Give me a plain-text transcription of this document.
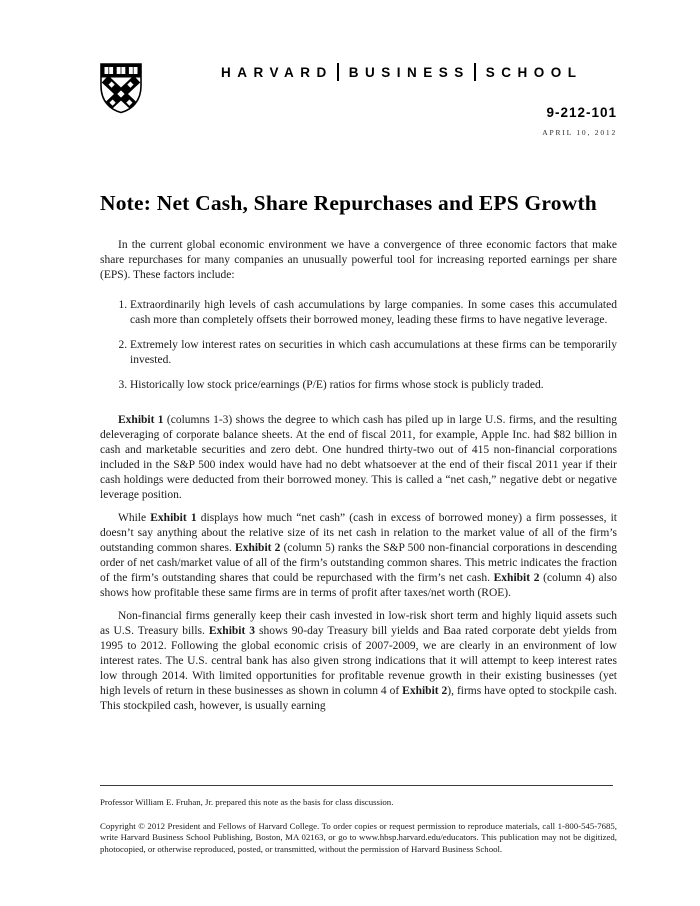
HARVARD BUSINESS SCHOOL
9-212-101
APRIL 10, 2012
Note: Net Cash, Share Repurchases and EPS Growth

In the current global economic environment we have a convergence of three economic factors that make share repurchases for many companies an unusually powerful tool for increasing reported earnings per share (EPS). These factors include:

1. Extraordinarily high levels of cash accumulations by large companies. In some cases this accumulated cash more than completely offsets their borrowed money, leading these firms to have negative leverage.
2. Extremely low interest rates on securities in which cash accumulations at these firms can be temporarily invested.
3. Historically low stock price/earnings (P/E) ratios for firms whose stock is publicly traded.

Exhibit 1 (columns 1-3) shows the degree to which cash has piled up in large U.S. firms, and the resulting deleveraging of corporate balance sheets. At the end of fiscal 2011, for example, Apple Inc. had $82 billion in cash and marketable securities and zero debt. One hundred thirty-two out of 415 non-financial corporations included in the S&P 500 index would have had no debt whatsoever at the end of their fiscal 2011 year if their cash holdings were deducted from their borrowed money. This is called a “net cash,” negative debt or negative leverage position.

While Exhibit 1 displays how much “net cash” (cash in excess of borrowed money) a firm possesses, it doesn’t say anything about the relative size of its net cash in relation to the market value of all of the firm’s outstanding common shares. Exhibit 2 (column 5) ranks the S&P 500 non-financial corporations in descending order of net cash/market value of all of the firm’s outstanding common shares. This metric indicates the fraction of the firm’s outstanding shares that could be repurchased with the firm’s net cash. Exhibit 2 (column 4) also shows how profitable these same firms are in terms of profit after taxes/net worth (ROE).

Non-financial firms generally keep their cash invested in low-risk short term and highly liquid assets such as U.S. Treasury bills. Exhibit 3 shows 90-day Treasury bill yields and Baa rated corporate debt yields from 1995 to 2012. Following the global economic crisis of 2007-2009, we are clearly in an environment of low interest rates. The U.S. central bank has also given strong indications that it will attempt to keep interest rates low through 2014. With limited opportunities for profitable revenue growth in their existing businesses (yet high levels of return in these businesses as shown in column 4 of Exhibit 2), firms have opted to stockpile cash. This stockpiled cash, however, is usually earning

Professor William E. Fruhan, Jr. prepared this note as the basis for class discussion.

Copyright © 2012 President and Fellows of Harvard College. To order copies or request permission to reproduce materials, call 1-800-545-7685, write Harvard Business School Publishing, Boston, MA 02163, or go to www.hbsp.harvard.edu/educators. This publication may not be digitized, photocopied, or otherwise reproduced, posted, or transmitted, without the permission of Harvard Business School.
